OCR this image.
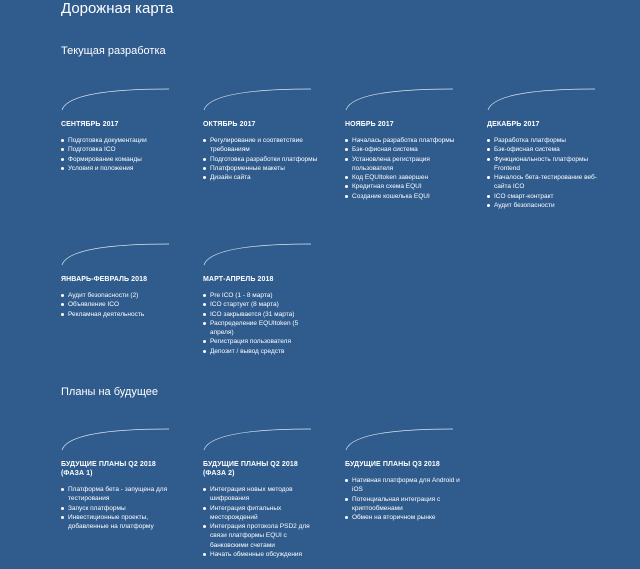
Дорожная карта
Текущая разработка
СЕНТЯБРЬ 2017
Подготовка документации
Подготовка ICO
Формирование команды
Условия и положения
ОКТЯБРЬ 2017
Регулирование и соответствие требованиям
Подготовка разработки платформы
Платформенные макеты
Дизайн сайта
НОЯБРЬ 2017
Началась разработка платформы
Бэк-офисная система
Установлена регистрация пользователя
Код EQUItoken завершен
Кредитная схема EQUI
Создание кошелька EQUI
ДЕКАБРЬ 2017
Разработка платформы
Бэк-офисная система
Функциональность платформы Frontend
Началось бета-тестирование веб-сайта ICO
ICO смарт-контракт
Аудит безопасности
ЯНВАРЬ-ФЕВРАЛЬ 2018
Аудит безопасности (2)
Объявление ICO
Рекламная деятельность
МАРТ-АПРЕЛЬ 2018
Pre ICO (1 - 8 марта)
ICO стартует (8 марта)
ICO закрывается (31 марта)
Распределение EQUItoken (5 апреля)
Регистрация пользователя
Депозит / вывод средств
Планы на будущее
БУДУЩИЕ ПЛАНЫ Q2 2018 (ФАЗА 1)
Платформа бета - запущена для тестирования
Запуск платформы
Инвестиционные проекты, добавленные на платформу
БУДУЩИЕ ПЛАНЫ Q2 2018 (ФАЗА 2)
Интеграция новых методов шифрования
Интеграция фитальных месторождений
Интеграция протокола PSD2 для связи платформы EQUI с банковскими счетами
Начать обменные обсуждения
БУДУЩИЕ ПЛАНЫ Q3 2018
Нативная платформа для Android и iOS
Потенциальная интеграция с криптообменами
Обмен на вторичном рынке
